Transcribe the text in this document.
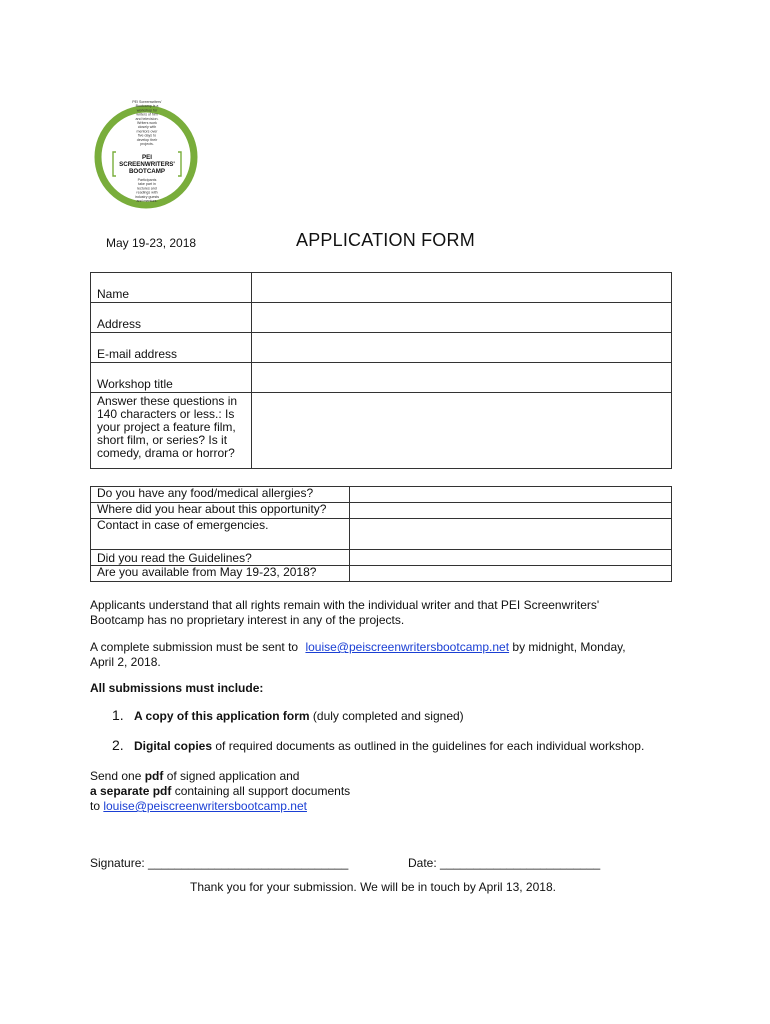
PEI Screenwriters'
Bootcamp is a
workshop for
writers of film
and television.
Writers work
closely with
mentors over
five days to
develop their
projects.
PEI
SCREENWRITERS'
BOOTCAMP
Participants
take part in
lectures and
readings with
industry guests
and mentors.
May 19-23, 2018	APPLICATION FORM
Name	
Address	
E-mail address	
Workshop title	
Answer these questions in 140 characters or less.: Is your project a feature film, short film, or series? Is it comedy, drama or horror?	
Do you have any food/medical allergies?	
Where did you hear about this opportunity?	
Contact in case of emergencies.	
Did you read the Guidelines?	
Are you available from May 19-23, 2018?	
Applicants understand that all rights remain with the individual writer and that PEI Screenwriters'
Bootcamp has no proprietary interest in any of the projects.
A complete submission must be sent to louise@peiscreenwritersbootcamp.net by midnight, Monday,
April 2, 2018.
All submissions must include:
1. A copy of this application form (duly completed and signed)
2. Digital copies of required documents as outlined in the guidelines for each individual workshop.
Send one pdf of signed application and
a separate pdf containing all support documents
to louise@peiscreenwritersbootcamp.net
Signature: ______________________________	Date: ________________________
Thank you for your submission. We will be in touch by April 13, 2018.
